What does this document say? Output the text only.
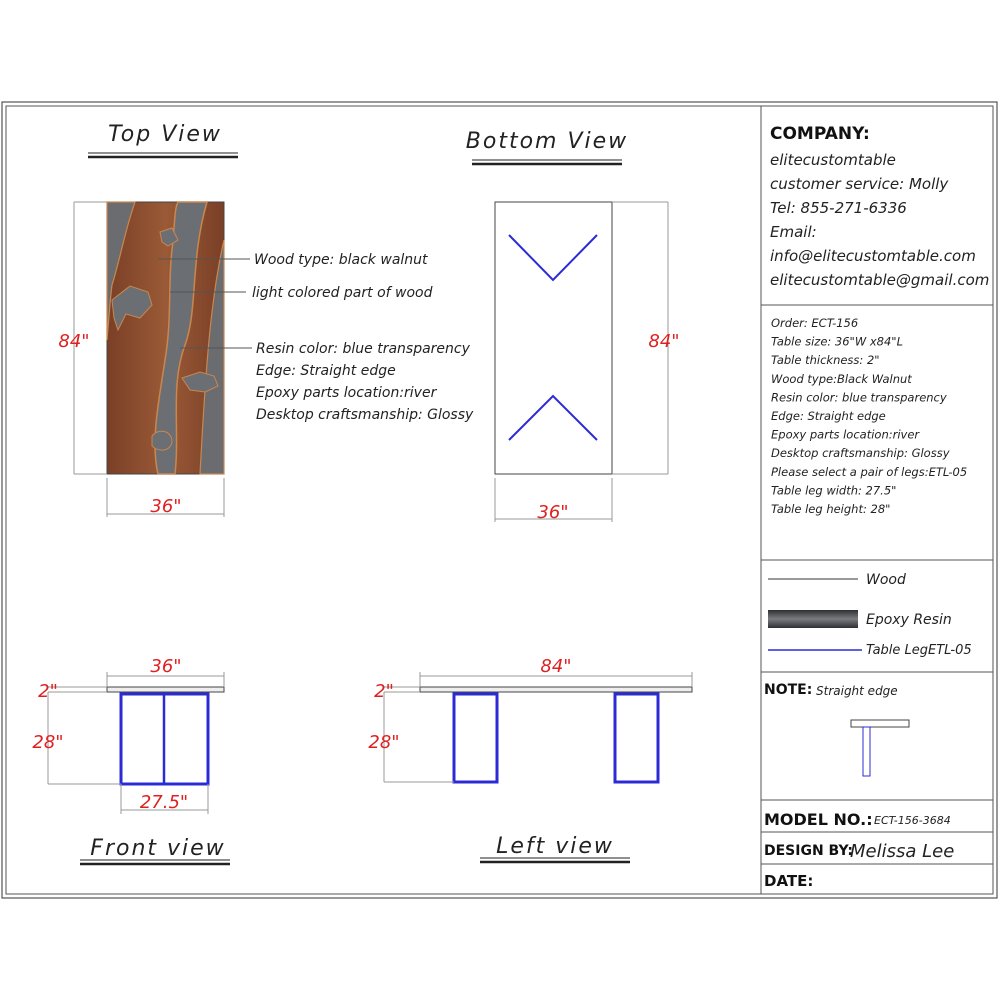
Top View
Wood type: black walnut
light colored part of wood
Resin color: blue transparency
Edge: Straight edge
Epoxy parts location:river
Desktop craftsmanship: Glossy
84"
36"
Bottom View
84"
36"
36"
2"
28"
27.5"
Front view
84"
2"
28"
Left view
COMPANY:
elitecustomtable
customer service: Molly
Tel: 855-271-6336
Email:
info@elitecustomtable.com
elitecustomtable@gmail.com
Order: ECT-156
Table size: 36"W x84"L
Table thickness: 2"
Wood type:Black Walnut
Resin color: blue transparency
Edge: Straight edge
Epoxy parts location:river
Desktop craftsmanship: Glossy
Please select a pair of legs:ETL-05
Table leg width: 27.5"
Table leg height: 28"
Wood
Epoxy Resin
Table LegETL-05
NOTE: Straight edge
MODEL NO.: ECT-156-3684
DESIGN BY:
Melissa Lee
DATE:
